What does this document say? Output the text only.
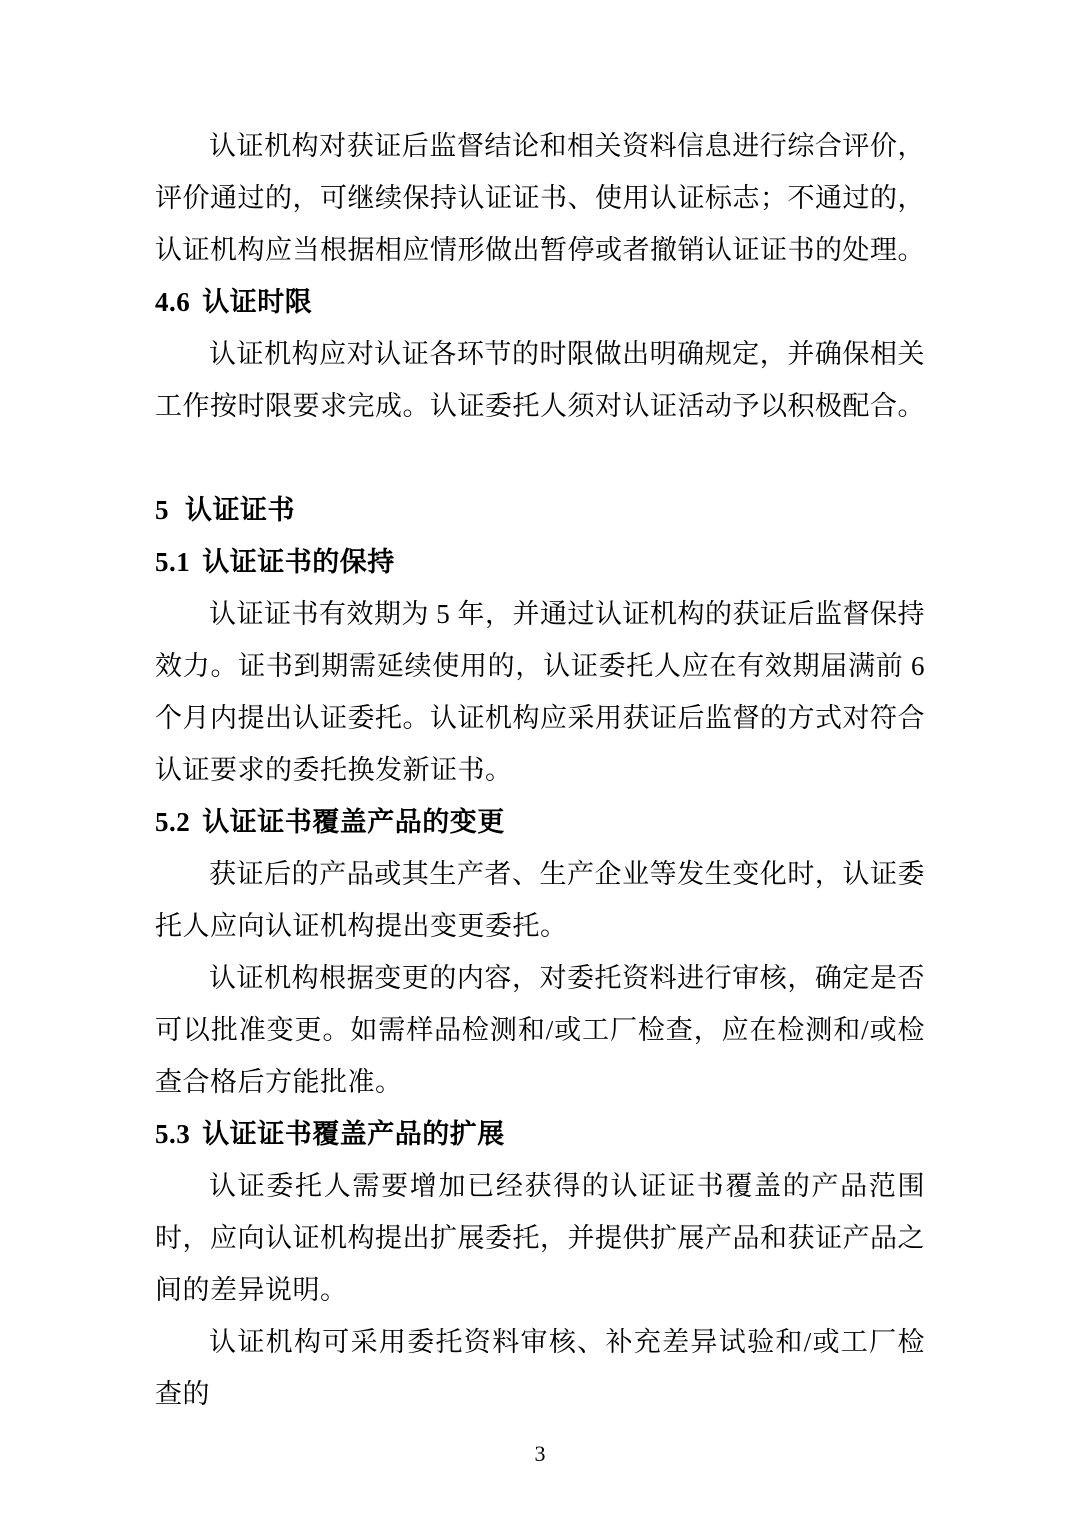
认证机构对获证后监督结论和相关资料信息进行综合评价，评价通过的，可继续保持认证证书、使用认证标志；不通过的，认证机构应当根据相应情形做出暂停或者撤销认证证书的处理。

4.6 认证时限

认证机构应对认证各环节的时限做出明确规定，并确保相关工作按时限要求完成。认证委托人须对认证活动予以积极配合。

5 认证证书

5.1 认证证书的保持

认证证书有效期为 5 年，并通过认证机构的获证后监督保持效力。证书到期需延续使用的，认证委托人应在有效期届满前 6 个月内提出认证委托。认证机构应采用获证后监督的方式对符合认证要求的委托换发新证书。

5.2 认证证书覆盖产品的变更

获证后的产品或其生产者、生产企业等发生变化时，认证委托人应向认证机构提出变更委托。

认证机构根据变更的内容，对委托资料进行审核，确定是否可以批准变更。如需样品检测和/或工厂检查，应在检测和/或检查合格后方能批准。

5.3 认证证书覆盖产品的扩展

认证委托人需要增加已经获得的认证证书覆盖的产品范围时，应向认证机构提出扩展委托，并提供扩展产品和获证产品之间的差异说明。

认证机构可采用委托资料审核、补充差异试验和/或工厂检查的

3
